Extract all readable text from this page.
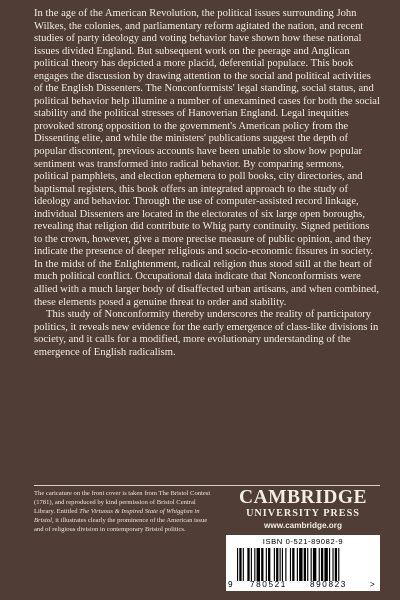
In the age of the American Revolution, the political issues surrounding John Wilkes, the colonies, and parliamentary reform agitated the nation, and recent studies of party ideology and voting behavior have shown how these national issues divided England. But subsequent work on the peerage and Anglican political theory has depicted a more placid, deferential populace. This book engages the discussion by drawing attention to the social and political activities of the English Dissenters. The Nonconformists' legal standing, social status, and political behavior help illumine a number of unexamined cases for both the social stability and the political stresses of Hanoverian England. Legal inequities provoked strong opposition to the government's American policy from the Dissenting elite, and while the ministers' publications suggest the depth of popular discontent, previous accounts have been unable to show how popular sentiment was transformed into radical behavior. By comparing sermons, political pamphlets, and election ephemera to poll books, city directories, and baptismal registers, this book offers an integrated approach to the study of ideology and behavior. Through the use of computer-assisted record linkage, individual Dissenters are located in the electorates of six large open boroughs, revealing that religion did contribute to Whig party continuity. Signed petitions to the crown, however, give a more precise measure of public opinion, and they indicate the presence of deeper religious and socio-economic fissures in society. In the midst of the Enlightenment, radical religion thus stood still at the heart of much political conflict. Occupational data indicate that Nonconformists were allied with a much larger body of disaffected urban artisans, and when combined, these elements posed a genuine threat to order and stability.

This study of Nonconformity thereby underscores the reality of participatory politics, it reveals new evidence for the early emergence of class-like divisions in society, and it calls for a modified, more evolutionary understanding of the emergence of English radicalism.

The caricature on the front cover is taken from The Bristol Contest (1781), and reproduced by kind permission of Bristol Central Library. Entitled The Virtuous & Inspired State of Whiggism in Bristol, it illustrates clearly the prominence of the American issue and of religious division in contemporary Bristol politics.
CAMBRIDGE
UNIVERSITY PRESS
www.cambridge.org
ISBN 0-521-89082-9
9 780521	890823	>
